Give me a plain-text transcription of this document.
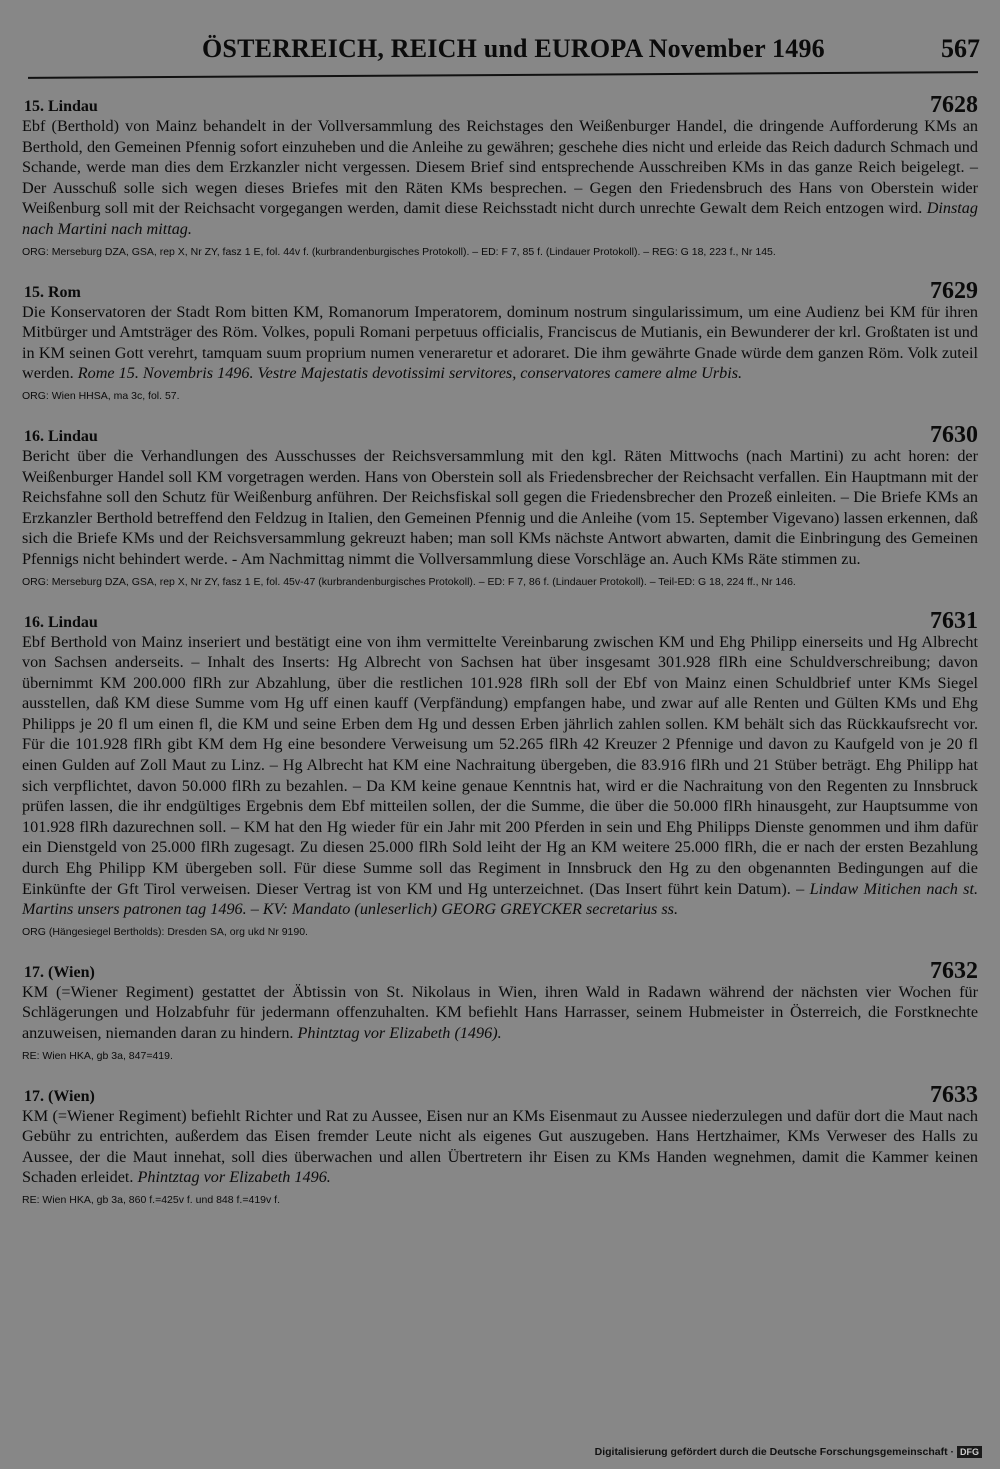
ÖSTERREICH, REICH und EUROPA November 1496	567
15. Lindau	7628

Ebf (Berthold) von Mainz behandelt in der Vollversammlung des Reichstages den Weißenburger Handel, die dringende Aufforderung KMs an Berthold, den Gemeinen Pfennig sofort einzuheben und die Anleihe zu gewähren; geschehe dies nicht und erleide das Reich dadurch Schmach und Schande, werde man dies dem Erzkanzler nicht vergessen. Diesem Brief sind entsprechende Ausschreiben KMs in das ganze Reich beigelegt. – Der Ausschuß solle sich wegen dieses Briefes mit den Räten KMs besprechen. – Gegen den Friedensbruch des Hans von Oberstein wider Weißenburg soll mit der Reichsacht vorgegangen werden, damit diese Reichsstadt nicht durch unrechte Gewalt dem Reich entzogen wird. Dinstag nach Martini nach mittag.

ORG: Merseburg DZA, GSA, rep X, Nr ZY, fasz 1 E, fol. 44v f. (kurbrandenburgisches Protokoll). – ED: F 7, 85 f. (Lindauer Protokoll). – REG: G 18, 223 f., Nr 145.
15. Rom	7629

Die Konservatoren der Stadt Rom bitten KM, Romanorum Imperatorem, dominum nostrum singularissimum, um eine Audienz bei KM für ihren Mitbürger und Amtsträger des Röm. Volkes, populi Romani perpetuus officialis, Franciscus de Mutianis, ein Bewunderer der krl. Großtaten ist und in KM seinen Gott verehrt, tamquam suum proprium numen veneraretur et adoraret. Die ihm gewährte Gnade würde dem ganzen Röm. Volk zuteil werden. Rome 15. Novembris 1496. Vestre Majestatis devotissimi servitores, conservatores camere alme Urbis.

ORG: Wien HHSA, ma 3c, fol. 57.
16. Lindau	7630

Bericht über die Verhandlungen des Ausschusses der Reichsversammlung mit den kgl. Räten Mittwochs (nach Martini) zu acht horen: der Weißenburger Handel soll KM vorgetragen werden. Hans von Oberstein soll als Friedensbrecher der Reichsacht verfallen. Ein Hauptmann mit der Reichsfahne soll den Schutz für Weißenburg anführen. Der Reichsfiskal soll gegen die Friedensbrecher den Prozeß einleiten. – Die Briefe KMs an Erzkanzler Berthold betreffend den Feldzug in Italien, den Gemeinen Pfennig und die Anleihe (vom 15. September Vigevano) lassen erkennen, daß sich die Briefe KMs und der Reichsversammlung gekreuzt haben; man soll KMs nächste Antwort abwarten, damit die Einbringung des Gemeinen Pfennigs nicht behindert werde. - Am Nachmittag nimmt die Vollversammlung diese Vorschläge an. Auch KMs Räte stimmen zu.

ORG: Merseburg DZA, GSA, rep X, Nr ZY, fasz 1 E, fol. 45v-47 (kurbrandenburgisches Protokoll). – ED: F 7, 86 f. (Lindauer Protokoll). – Teil-ED: G 18, 224 ff., Nr 146.
16. Lindau	7631

Ebf Berthold von Mainz inseriert und bestätigt eine von ihm vermittelte Vereinbarung zwischen KM und Ehg Philipp einerseits und Hg Albrecht von Sachsen anderseits. – Inhalt des Inserts: Hg Albrecht von Sachsen hat über insgesamt 301.928 flRh eine Schuldverschreibung; davon übernimmt KM 200.000 flRh zur Abzahlung, über die restlichen 101.928 flRh soll der Ebf von Mainz einen Schuldbrief unter KMs Siegel ausstellen, daß KM diese Summe vom Hg uff einen kauff (Verpfändung) empfangen habe, und zwar auf alle Renten und Gülten KMs und Ehg Philipps je 20 fl um einen fl, die KM und seine Erben dem Hg und dessen Erben jährlich zahlen sollen. KM behält sich das Rückkaufsrecht vor. Für die 101.928 flRh gibt KM dem Hg eine besondere Verweisung um 52.265 flRh 42 Kreuzer 2 Pfennige und davon zu Kaufgeld von je 20 fl einen Gulden auf Zoll Maut zu Linz. – Hg Albrecht hat KM eine Nachraitung übergeben, die 83.916 flRh und 21 Stüber beträgt. Ehg Philipp hat sich verpflichtet, davon 50.000 flRh zu bezahlen. – Da KM keine genaue Kenntnis hat, wird er die Nachraitung von den Regenten zu Innsbruck prüfen lassen, die ihr endgültiges Ergebnis dem Ebf mitteilen sollen, der die Summe, die über die 50.000 flRh hinausgeht, zur Hauptsumme von 101.928 flRh dazurechnen soll. – KM hat den Hg wieder für ein Jahr mit 200 Pferden in sein und Ehg Philipps Dienste genommen und ihm dafür ein Dienstgeld von 25.000 flRh zugesagt. Zu diesen 25.000 flRh Sold leiht der Hg an KM weitere 25.000 flRh, die er nach der ersten Bezahlung durch Ehg Philipp KM übergeben soll. Für diese Summe soll das Regiment in Innsbruck den Hg zu den obgenannten Bedingungen auf die Einkünfte der Gft Tirol verweisen. Dieser Vertrag ist von KM und Hg unterzeichnet. (Das Insert führt kein Datum). – Lindaw Mitichen nach st. Martins unsers patronen tag 1496. – KV: Mandato (unleserlich) GEORG GREYCKER secretarius ss.

ORG (Hängesiegel Bertholds): Dresden SA, org ukd Nr 9190.
17. (Wien)	7632

KM (=Wiener Regiment) gestattet der Äbtissin von St. Nikolaus in Wien, ihren Wald in Radawn während der nächsten vier Wochen für Schlägerungen und Holzabfuhr für jedermann offenzuhalten. KM befiehlt Hans Harrasser, seinem Hubmeister in Österreich, die Forstknechte anzuweisen, niemanden daran zu hindern. Phintztag vor Elizabeth (1496).

RE: Wien HKA, gb 3a, 847=419.
17. (Wien)	7633

KM (=Wiener Regiment) befiehlt Richter und Rat zu Aussee, Eisen nur an KMs Eisenmaut zu Aussee niederzulegen und dafür dort die Maut nach Gebühr zu entrichten, außerdem das Eisen fremder Leute nicht als eigenes Gut auszugeben. Hans Hertzhaimer, KMs Verweser des Halls zu Aussee, der die Maut innehat, soll dies überwachen und allen Übertretern ihr Eisen zu KMs Handen wegnehmen, damit die Kammer keinen Schaden erleidet. Phintztag vor Elizabeth 1496.

RE: Wien HKA, gb 3a, 860 f.=425v f. und 848 f.=419v f.
Digitalisierung gefördert durch die Deutsche Forschungsgemeinschaft · DFG
